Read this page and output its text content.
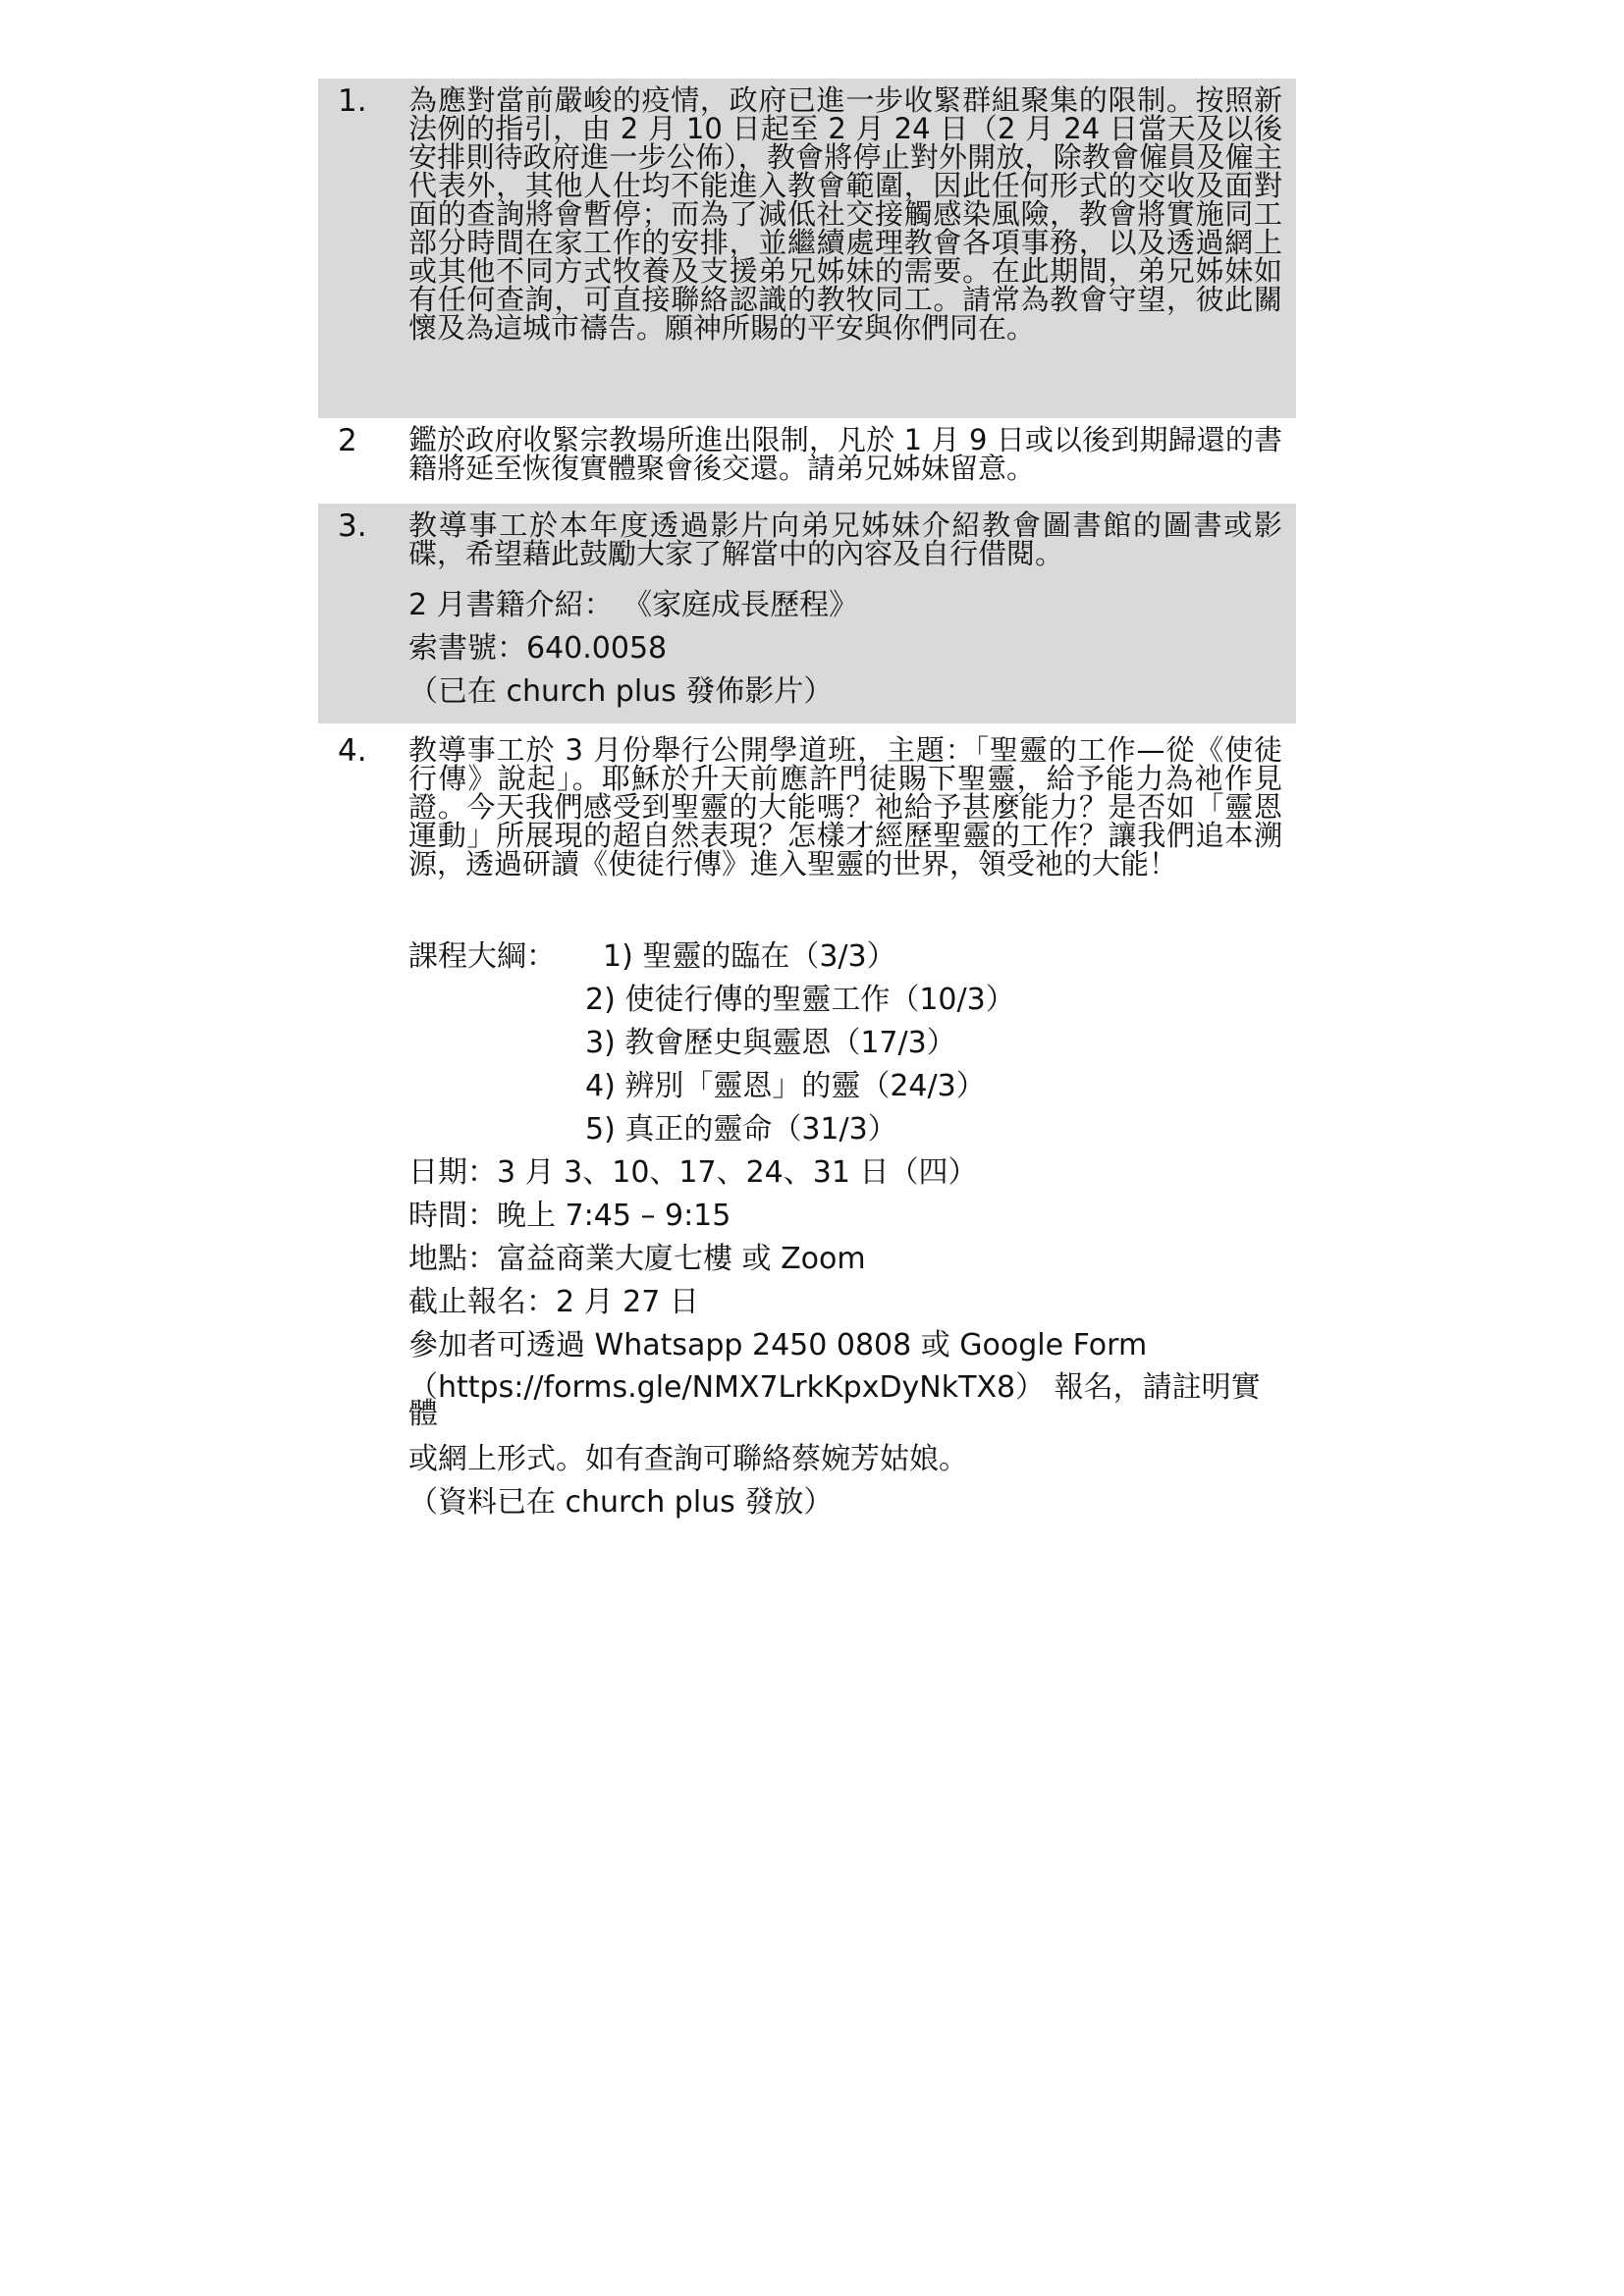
1. 為應對當前嚴峻的疫情，政府已進一步收緊群組聚集的限制。按照新法例的指引，由 2 月 10 日起至 2 月 24 日（2 月 24 日當天及以後安排則待政府進一步公佈），教會將停止對外開放，除教會僱員及僱主代表外，其他人仕均不能進入教會範圍，因此任何形式的交收及面對面的查詢將會暫停；而為了減低社交接觸感染風險，教會將實施同工部分時間在家工作的安排，並繼續處理教會各項事務，以及透過網上或其他不同方式牧養及支援弟兄姊妹的需要。在此期間，弟兄姊妹如有任何查詢，可直接聯絡認識的教牧同工。請常為教會守望，彼此關懷及為這城市禱告。願神所賜的平安與你們同在。
2 鑑於政府收緊宗教場所進出限制，凡於 1 月 9 日或以後到期歸還的書籍將延至恢復實體聚會後交還。請弟兄姊妹留意。
3. 教導事工於本年度透過影片向弟兄姊妹介紹教會圖書館的圖書或影碟，希望藉此鼓勵大家了解當中的內容及自行借閱。
2 月書籍介紹： 《家庭成長歷程》
索書號：640.0058
（已在 church plus 發佈影片）
4. 教導事工於 3 月份舉行公開學道班，主題：「聖靈的工作—從《使徒行傳》說起」。耶穌於升天前應許門徒賜下聖靈，給予能力為祂作見證。今天我們感受到聖靈的大能嗎？祂給予甚麼能力？是否如「靈恩運動」所展現的超自然表現？怎樣才經歷聖靈的工作？讓我們追本溯源，透過研讀《使徒行傳》進入聖靈的世界，領受祂的大能！
課程大綱：	1) 聖靈的臨在（3/3）
2) 使徒行傳的聖靈工作（10/3）
3) 教會歷史與靈恩（17/3）
4) 辨別「靈恩」的靈（24/3）
5) 真正的靈命（31/3）
日期：3 月 3、10、17、24、31 日（四）
時間：晚上 7:45 – 9:15
地點：富益商業大廈七樓 或 Zoom
截止報名：2 月 27 日
參加者可透過 Whatsapp 2450 0808 或 Google Form
（https://forms.gle/NMX7LrkKpxDyNkTX8） 報名，請註明實體
或網上形式。如有查詢可聯絡蔡婉芳姑娘。
（資料已在 church plus 發放）
